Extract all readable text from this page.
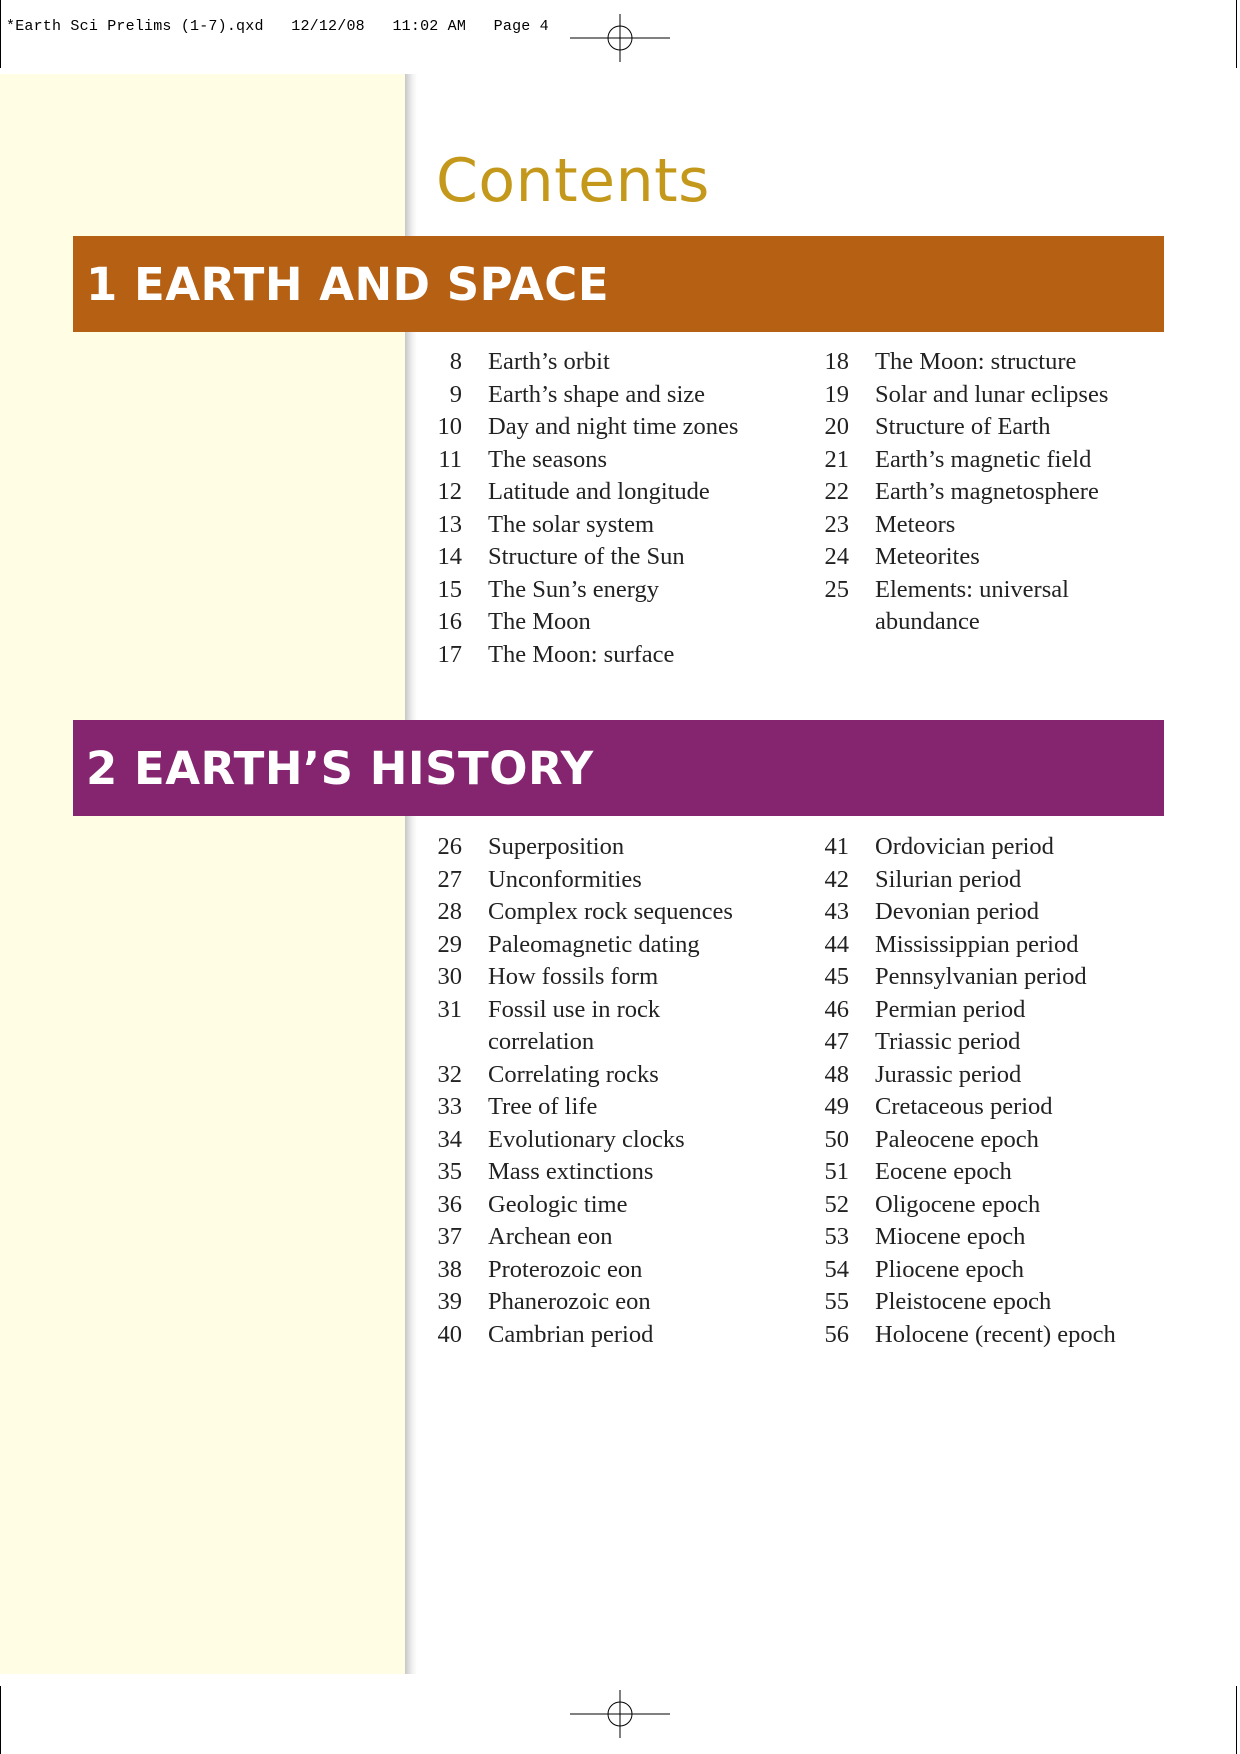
*Earth Sci Prelims (1-7).qxd   12/12/08   11:02 AM   Page 4
Contents
1 EARTH AND SPACE
8 Earth’s orbit
9 Earth’s shape and size
10 Day and night time zones
11 The seasons
12 Latitude and longitude
13 The solar system
14 Structure of the Sun
15 The Sun’s energy
16 The Moon
17 The Moon: surface
18 The Moon: structure
19 Solar and lunar eclipses
20 Structure of Earth
21 Earth’s magnetic field
22 Earth’s magnetosphere
23 Meteors
24 Meteorites
25 Elements: universal
abundance
2 EARTH’S HISTORY
26 Superposition
27 Unconformities
28 Complex rock sequences
29 Paleomagnetic dating
30 How fossils form
31 Fossil use in rock
correlation
32 Correlating rocks
33 Tree of life
34 Evolutionary clocks
35 Mass extinctions
36 Geologic time
37 Archean eon
38 Proterozoic eon
39 Phanerozoic eon
40 Cambrian period
41 Ordovician period
42 Silurian period
43 Devonian period
44 Mississippian period
45 Pennsylvanian period
46 Permian period
47 Triassic period
48 Jurassic period
49 Cretaceous period
50 Paleocene epoch
51 Eocene epoch
52 Oligocene epoch
53 Miocene epoch
54 Pliocene epoch
55 Pleistocene epoch
56 Holocene (recent) epoch
